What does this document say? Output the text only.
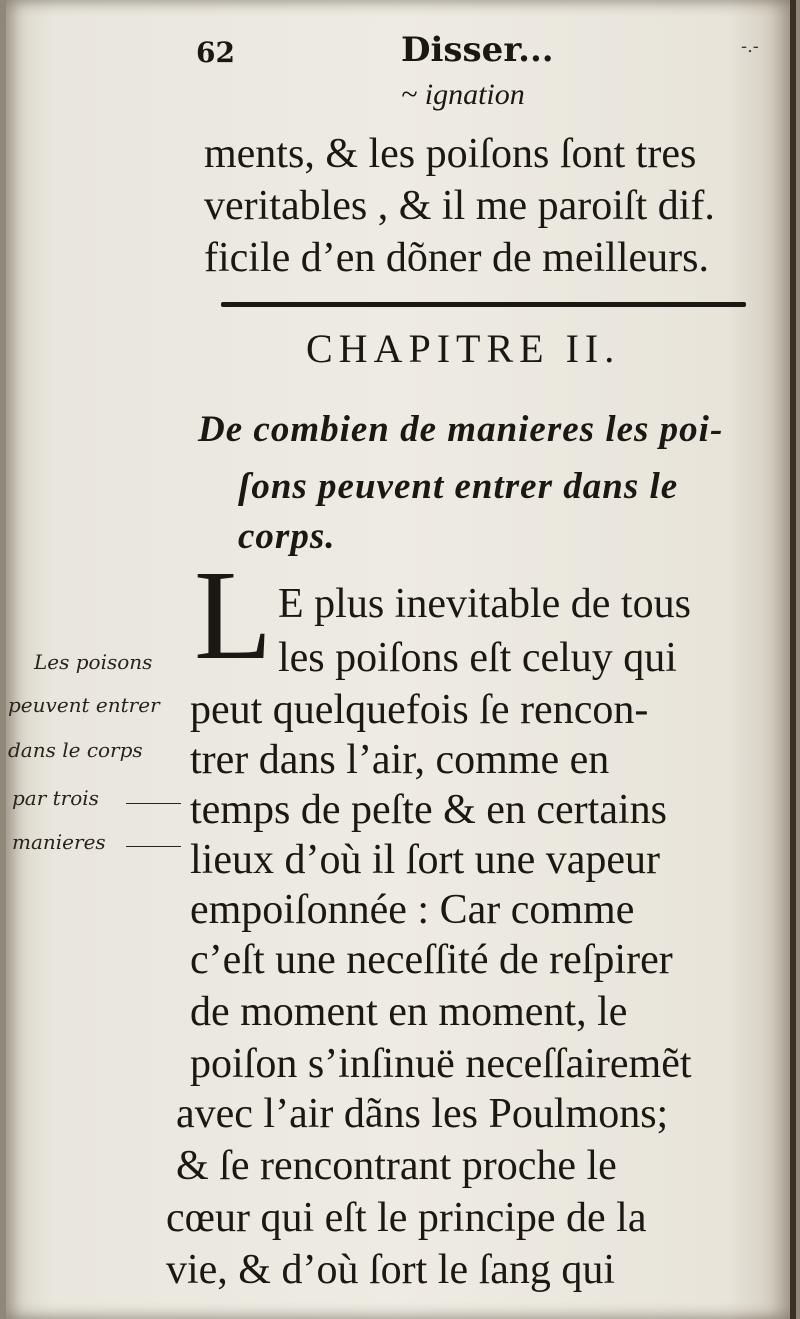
62	Disser...	-.-
~ ignation
ments, & les poiſons ſont tres
veritables , & il me paroiſt dif.
ficile d’en dõner de meilleurs.
CHAPITRE II.
De combien de manieres les poi-
ſons peuvent entrer dans le
corps.
L E plus inevitable de tous
les poiſons eſt celuy qui
peut quelquefois ſe rencon-
trer dans l’air, comme en
temps de peſte & en certains
lieux d’où il ſort une vapeur
empoiſonnée : Car comme
c’eſt une neceſſité de reſpirer
de moment en moment, le
poiſon s’inſinuë neceſſairemẽt
avec l’air dãns les Poulmons;
& ſe rencontrant proche le
cœur qui eſt le principe de la
vie, & d’où ſort le ſang qui
Les poisons
peuvent entrer
dans le corps
par trois
manieres
